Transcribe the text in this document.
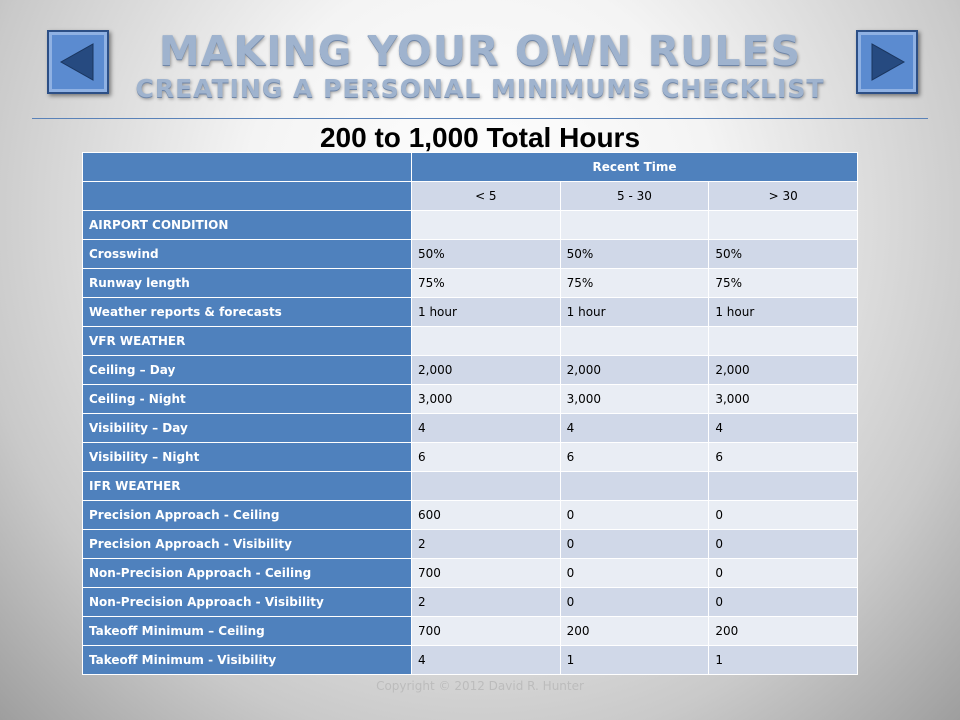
MAKING YOUR OWN RULES
CREATING A PERSONAL MINIMUMS CHECKLIST
200 to 1,000 Total Hours
	Recent Time		
	< 5	5 - 30	> 30
AIRPORT CONDITION			
Crosswind	50%	50%	50%
Runway length	75%	75%	75%
Weather reports & forecasts	1 hour	1 hour	1 hour
VFR WEATHER			
Ceiling – Day	2,000	2,000	2,000
Ceiling - Night	3,000	3,000	3,000
Visibility – Day	4	4	4
Visibility – Night	6	6	6
IFR WEATHER			
Precision Approach - Ceiling	600	0	0
Precision Approach - Visibility	2	0	0
Non-Precision Approach - Ceiling	700	0	0
Non-Precision Approach - Visibility	2	0	0
Takeoff Minimum – Ceiling	700	200	200
Takeoff Minimum - Visibility	4	1	1
Copyright © 2012 David R. Hunter
